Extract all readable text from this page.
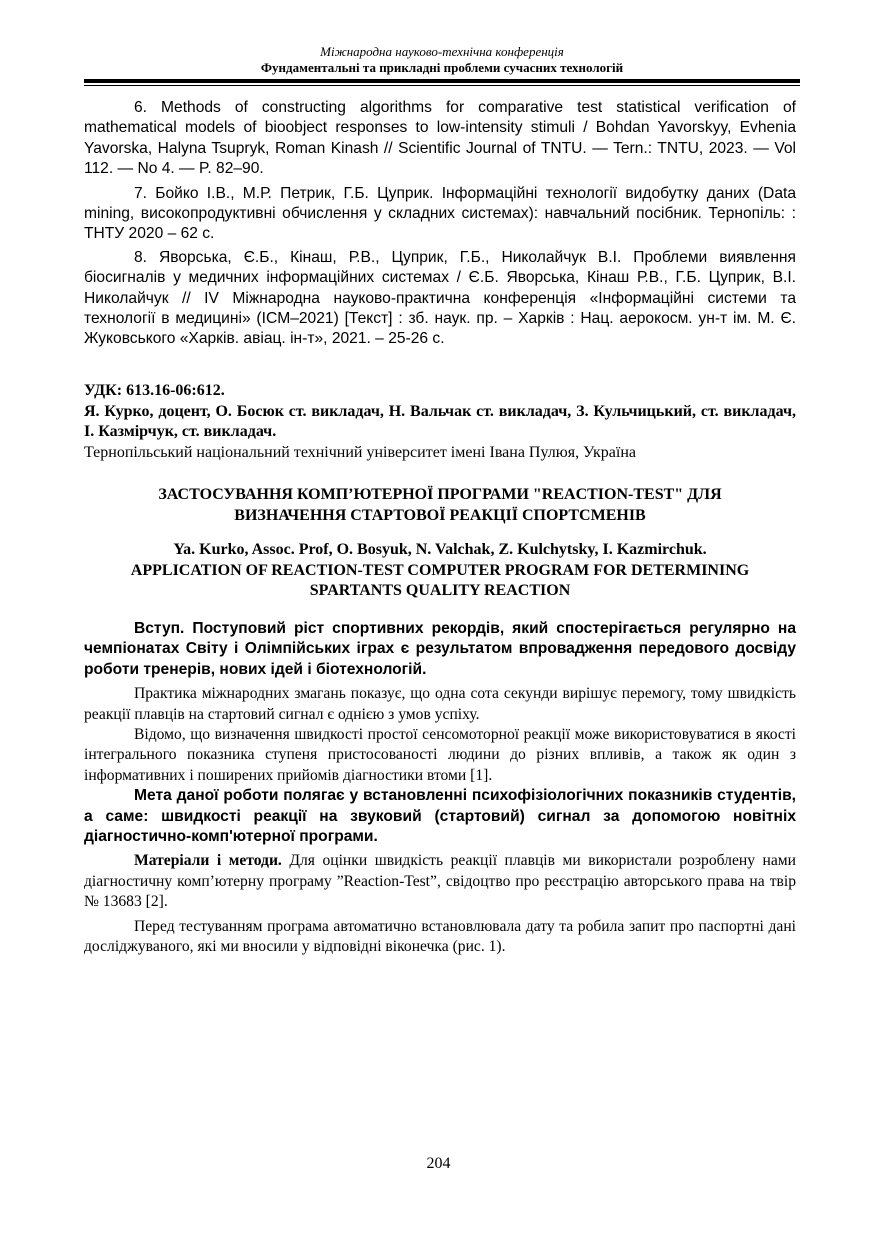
Міжнародна науково-технічна конференція
Фундаментальні та прикладні проблеми сучасних технологій

6. Methods of constructing algorithms for comparative test statistical verification of mathematical models of bioobject responses to low-intensity stimuli / Bohdan Yavorskyy, Evhenia Yavorska, Halyna Tsupryk, Roman Kinash // Scientific Journal of TNTU. — Tern.: TNTU, 2023. — Vol 112. — No 4. — P. 82–90.

7. Бойко І.В., М.Р. Петрик, Г.Б. Цуприк. Інформаційні технології видобутку даних (Data mining, високопродуктивні обчислення у складних системах): навчальний посібник. Тернопіль: : ТНТУ 2020 – 62 с.

8. Яворська, Є.Б., Кінаш, Р.В., Цуприк, Г.Б., Николайчук В.І. Проблеми виявлення біосигналів у медичних інформаційних системах / Є.Б. Яворська, Кінаш Р.В., Г.Б. Цуприк, В.І. Николайчук // IV Міжнародна науково-практична конференція «Інформаційні системи та технології в медицині» (ICM–2021) [Текст] : зб. наук. пр. – Харків : Нац. аерокосм. ун-т ім. М. Є. Жуковського «Харків. авіац. ін-т», 2021. – 25-26 с.

УДК: 613.16-06:612.

Я. Курко, доцент, О. Босюк ст. викладач, Н. Вальчак ст. викладач, З. Кульчицький, ст. викладач, І. Казмірчук, ст. викладач.

Тернопільський національний технічний університет імені Івана Пулюя, Україна

ЗАСТОСУВАННЯ КОМП’ЮТЕРНОЇ ПРОГРАМИ "REACTION-TEST" ДЛЯ

ВИЗНАЧЕННЯ СТАРТОВОЇ РЕАКЦІЇ СПОРТСМЕНІВ

Ya. Kurko, Assoc. Prof, O. Bosyuk, N. Valchak, Z. Kulchytsky, I. Kazmirchuk.

APPLICATION OF REACTION-TEST COMPUTER PROGRAM FOR DETERMINING

SPARTANTS QUALITY REACTION

Вступ. Поступовий ріст спортивних рекордів, який спостерігається регулярно на чемпіонатах Світу і Олімпійських іграх є результатом впровадження передового досвіду роботи тренерів, нових ідей і біотехнологій.

Практика міжнародних змагань показує, що одна сота секунди вирішує перемогу, тому швидкість реакції плавців на стартовий сигнал є однією з умов успіху.

Відомо, що визначення швидкості простої сенсомоторної реакції може використовуватися в якості інтегрального показника ступеня пристосованості людини до різних впливів, а також як один з інформативних і поширених прийомів діагностики втоми [1].

Мета даної роботи полягає у встановленні психофізіологічних показників студентів, а саме: швидкості реакції на звуковий (стартовий) сигнал за допомогою новітніх діагностично-комп'ютерної програми.

Матеріали і методи. Для оцінки швидкість реакції плавців ми використали розроблену нами діагностичну комп’ютерну програму ”Reaction-Test”, свідоцтво про реєстрацію авторського права на твір № 13683 [2].

Перед тестуванням програма автоматично встановлювала дату та робила запит про паспортні дані досліджуваного, які ми вносили у відповідні віконечка (рис. 1).

204
